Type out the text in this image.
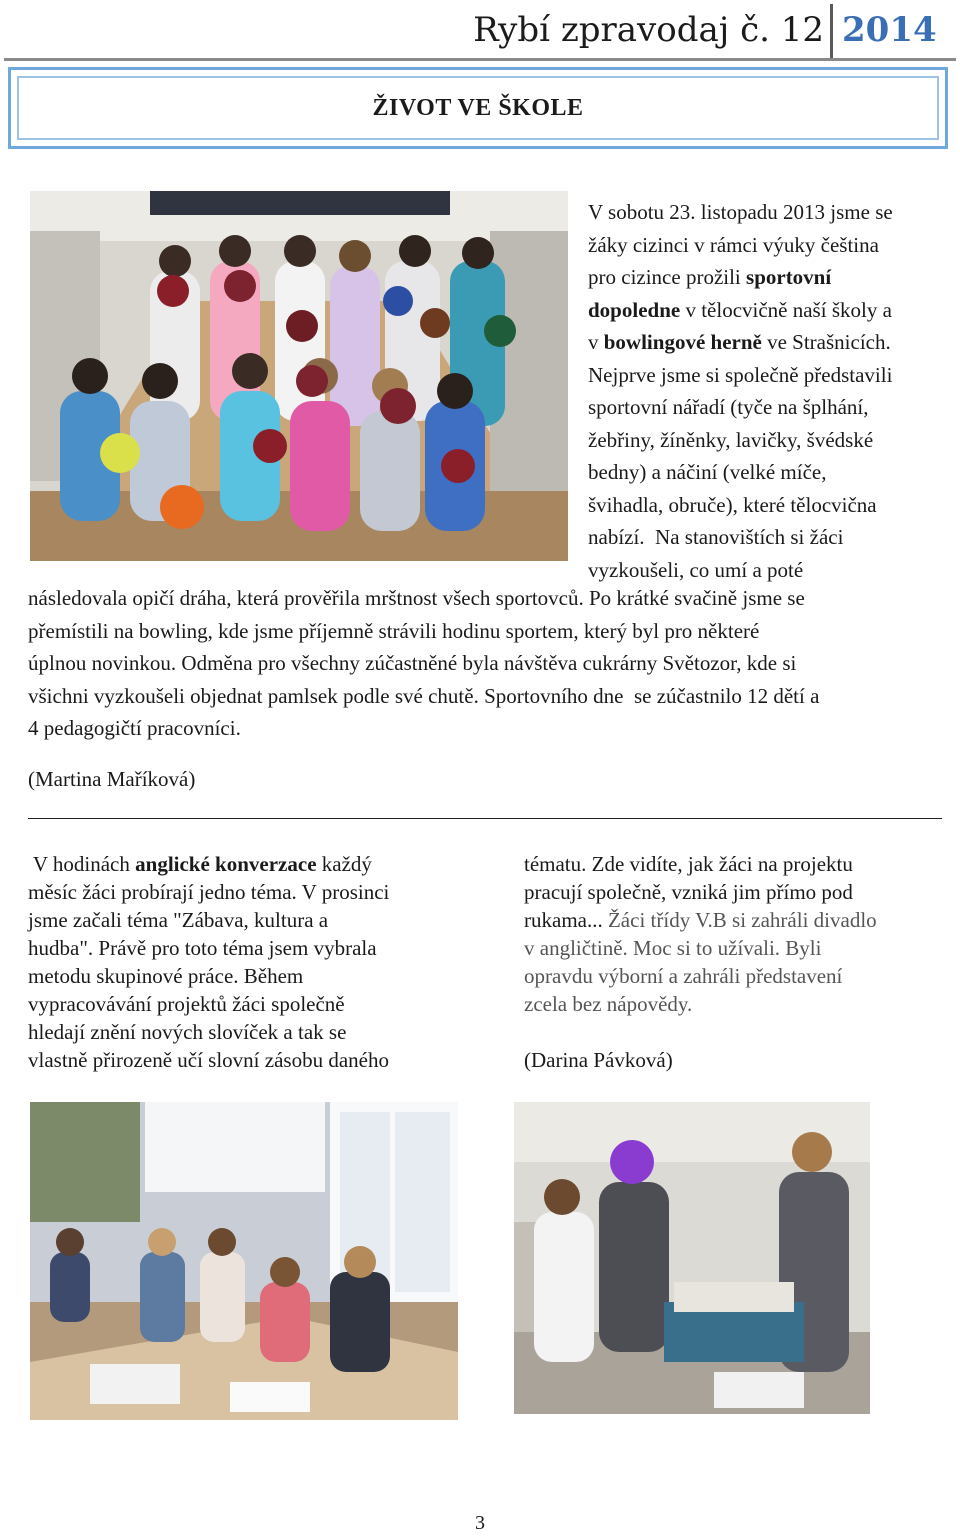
Rybí zpravodaj č. 12 2014
ŽIVOT VE ŠKOLE
V sobotu 23. listopadu 2013 jsme se
žáky cizinci v rámci výuky čeština
pro cizince prožili sportovní
dopoledne v tělocvičně naší školy a
v bowlingové herně ve Strašnicích.
Nejprve jsme si společně představili
sportovní nářadí (tyče na šplhání,
žebřiny, žíněnky, lavičky, švédské
bedny) a náčiní (velké míče,
švihadla, obruče), které tělocvična
nabízí.  Na stanovištích si žáci
vyzkoušeli, co umí a poté
následovala opičí dráha, která prověřila mrštnost všech sportovců. Po krátké svačině jsme se
přemístili na bowling, kde jsme příjemně strávili hodinu sportem, který byl pro některé
úplnou novinkou. Odměna pro všechny zúčastněné byla návštěva cukrárny Světozor, kde si
všichni vyzkoušeli objednat pamlsek podle své chutě. Sportovního dne  se zúčastnilo 12 dětí a
4 pedagogičtí pracovníci.
(Martina Maříková)
V hodinách anglické konverzace každý
měsíc žáci probírají jedno téma. V prosinci
jsme začali téma "Zábava, kultura a
hudba". Právě pro toto téma jsem vybrala
metodu skupinové práce. Během
vypracovávání projektů žáci společně
hledají znění nových slovíček a tak se
vlastně přirozeně učí slovní zásobu daného
tématu. Zde vidíte, jak žáci na projektu
pracují společně, vzniká jim přímo pod
rukama... Žáci třídy V.B si zahráli divadlo
v angličtině. Moc si to užívali. Byli
opravdu výborní a zahráli představení
zcela bez nápovědy.
(Darina Pávková)
3
